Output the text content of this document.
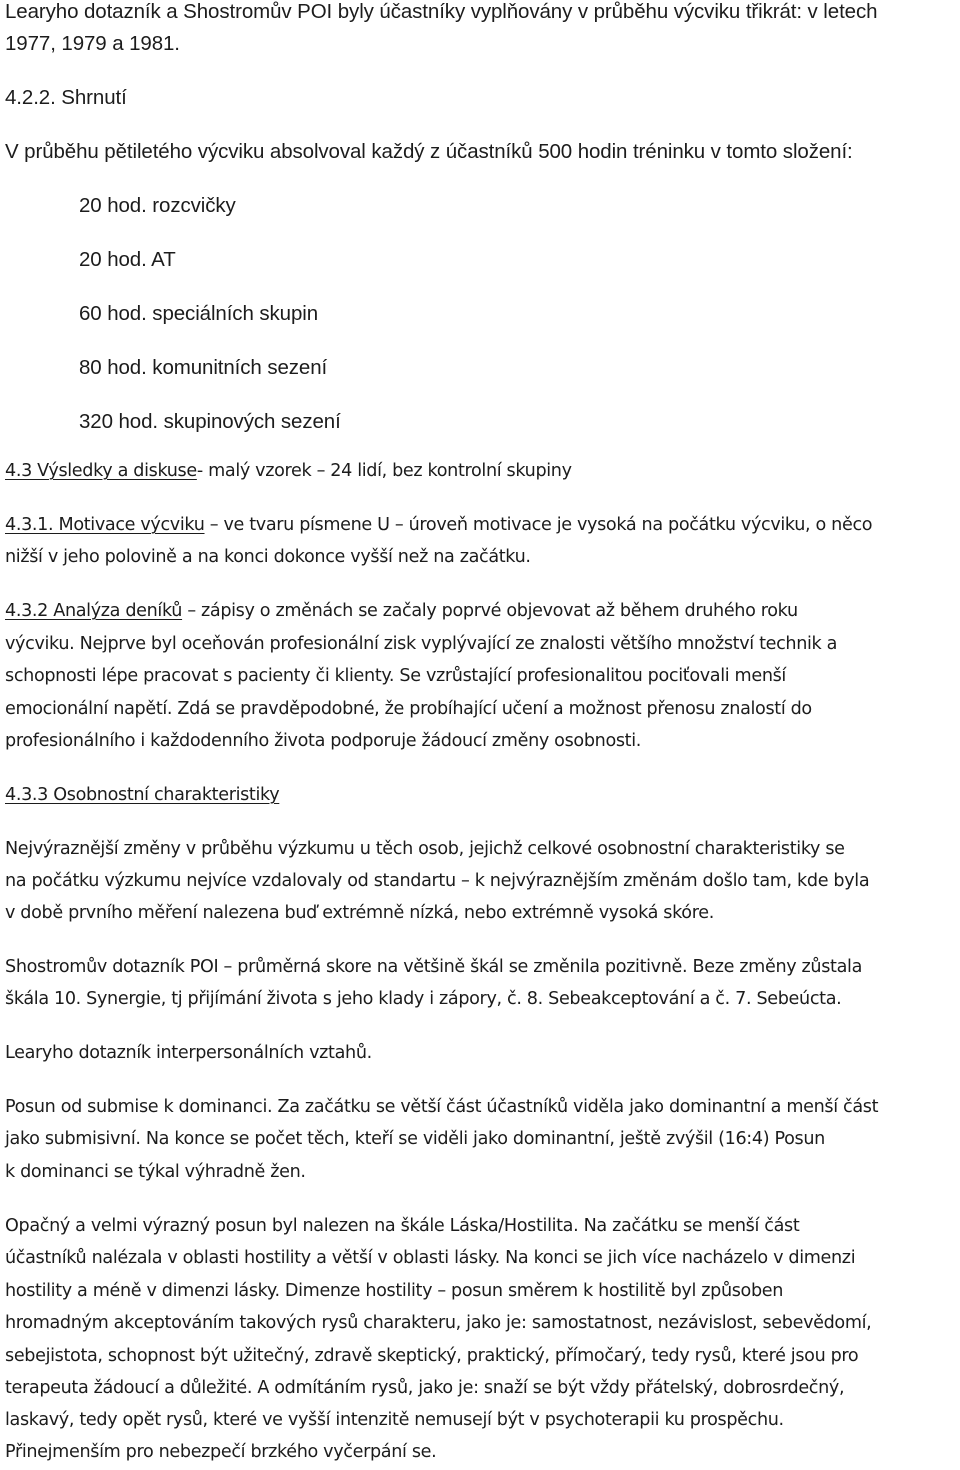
Learyho dotazník a Shostromův POI byly účastníky vyplňovány v průběhu výcviku třikrát: v letech
1977, 1979 a 1981.
4.2.2. Shrnutí
V průběhu pětiletého výcviku absolvoval každý z účastníků 500 hodin tréninku v tomto složení:
20 hod. rozcvičky
20 hod. AT
60 hod. speciálních skupin
80 hod. komunitních sezení
320 hod. skupinových sezení
4.3 Výsledky a diskuse- malý vzorek – 24 lidí, bez kontrolní skupiny
4.3.1. Motivace výcviku – ve tvaru písmene U – úroveň motivace je vysoká na počátku výcviku, o něco
nižší v jeho polovině a na konci dokonce vyšší než na začátku.
4.3.2 Analýza deníků – zápisy o změnách se začaly poprvé objevovat až během druhého roku
výcviku. Nejprve byl oceňován profesionální zisk vyplývající ze znalosti většího množství technik a
schopnosti lépe pracovat s pacienty či klienty. Se vzrůstající profesionalitou pociťovali menší
emocionální napětí. Zdá se pravděpodobné, že probíhající učení a možnost přenosu znalostí do
profesionálního i každodenního života podporuje žádoucí změny osobnosti.
4.3.3 Osobnostní charakteristiky
Nejvýraznější změny v průběhu výzkumu u těch osob, jejichž celkové osobnostní charakteristiky se
na počátku výzkumu nejvíce vzdalovaly od standartu – k nejvýraznějším změnám došlo tam, kde byla
v době prvního měření nalezena buď extrémně nízká, nebo extrémně vysoká skóre.
Shostromův dotazník POI – průměrná skore na většině škál se změnila pozitivně. Beze změny zůstala
škála 10. Synergie, tj přijímání života s jeho klady i zápory, č. 8. Sebeakceptování a č. 7. Sebeúcta.
Learyho dotazník interpersonálních vztahů.
Posun od submise k dominanci. Za začátku se větší část účastníků viděla jako dominantní a menší část
jako submisivní. Na konce se počet těch, kteří se viděli jako dominantní, ještě zvýšil (16:4) Posun
k dominanci se týkal výhradně žen.
Opačný a velmi výrazný posun byl nalezen na škále Láska/Hostilita. Na začátku se menší část
účastníků nalézala v oblasti hostility a větší v oblasti lásky. Na konci se jich více nacházelo v dimenzi
hostility a méně v dimenzi lásky. Dimenze hostility – posun směrem k hostilitě byl způsoben
hromadným akceptováním takových rysů charakteru, jako je: samostatnost, nezávislost, sebevědomí,
sebejistota, schopnost být užitečný, zdravě skeptický, praktický, přímočarý, tedy rysů, které jsou pro
terapeuta žádoucí a důležité. A odmítáním rysů, jako je: snaží se být vždy přátelský, dobrosrdečný,
laskavý, tedy opět rysů, které ve vyšší intenzitě nemusejí být v psychoterapii ku prospěchu.
Přinejmenším pro nebezpečí brzkého vyčerpání se.
